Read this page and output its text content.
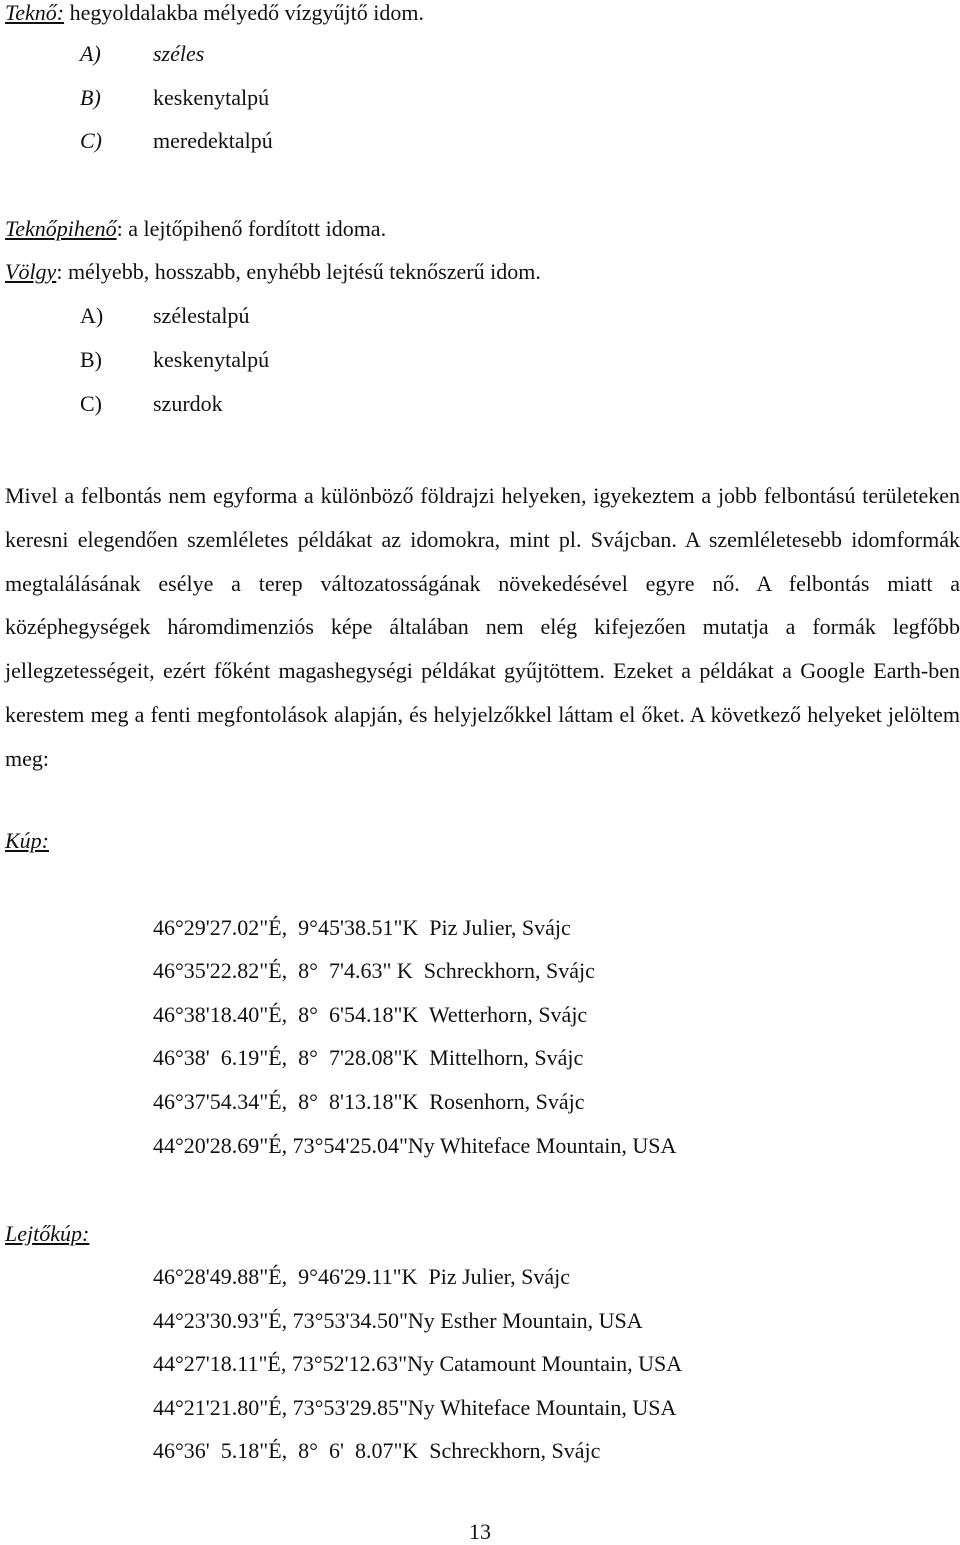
Teknő: hegyoldalakba mélyedő vízgyűjtő idom.
A) széles
B) keskenytalpú
C) meredektalpú
Teknőpihenő: a lejtőpihenő fordított idoma.
Völgy: mélyebb, hosszabb, enyhébb lejtésű teknőszerű idom.
A) szélestalpú
B) keskenytalpú
C) szurdok
Mivel a felbontás nem egyforma a különböző földrajzi helyeken, igyekeztem a jobb felbontású területeken keresni elegendően szemléletes példákat az idomokra, mint pl. Svájcban. A szemléletesebb idomformák megtalálásának esélye a terep változatosságának növekedésével egyre nő. A felbontás miatt a középhegységek háromdimenziós képe általában nem elég kifejezően mutatja a formák legfőbb jellegzetességeit, ezért főként magashegységi példákat gyűjtöttem. Ezeket a példákat a Google Earth-ben kerestem meg a fenti megfontolások alapján, és helyjelzőkkel láttam el őket. A következő helyeket jelöltem meg:
Kúp:
46°29'27.02"É,  9°45'38.51"K  Piz Julier, Svájc
46°35'22.82"É,  8°  7'4.63" K  Schreckhorn, Svájc
46°38'18.40"É,  8°  6'54.18"K  Wetterhorn, Svájc
46°38'  6.19"É,  8°  7'28.08"K  Mittelhorn, Svájc
46°37'54.34"É,  8°  8'13.18"K  Rosenhorn, Svájc
44°20'28.69"É, 73°54'25.04"Ny Whiteface Mountain, USA
Lejtőkúp:
46°28'49.88"É,  9°46'29.11"K  Piz Julier, Svájc
44°23'30.93"É, 73°53'34.50"Ny Esther Mountain, USA
44°27'18.11"É, 73°52'12.63"Ny Catamount Mountain, USA
44°21'21.80"É, 73°53'29.85"Ny Whiteface Mountain, USA
46°36'  5.18"É,  8°  6'  8.07"K  Schreckhorn, Svájc
13
